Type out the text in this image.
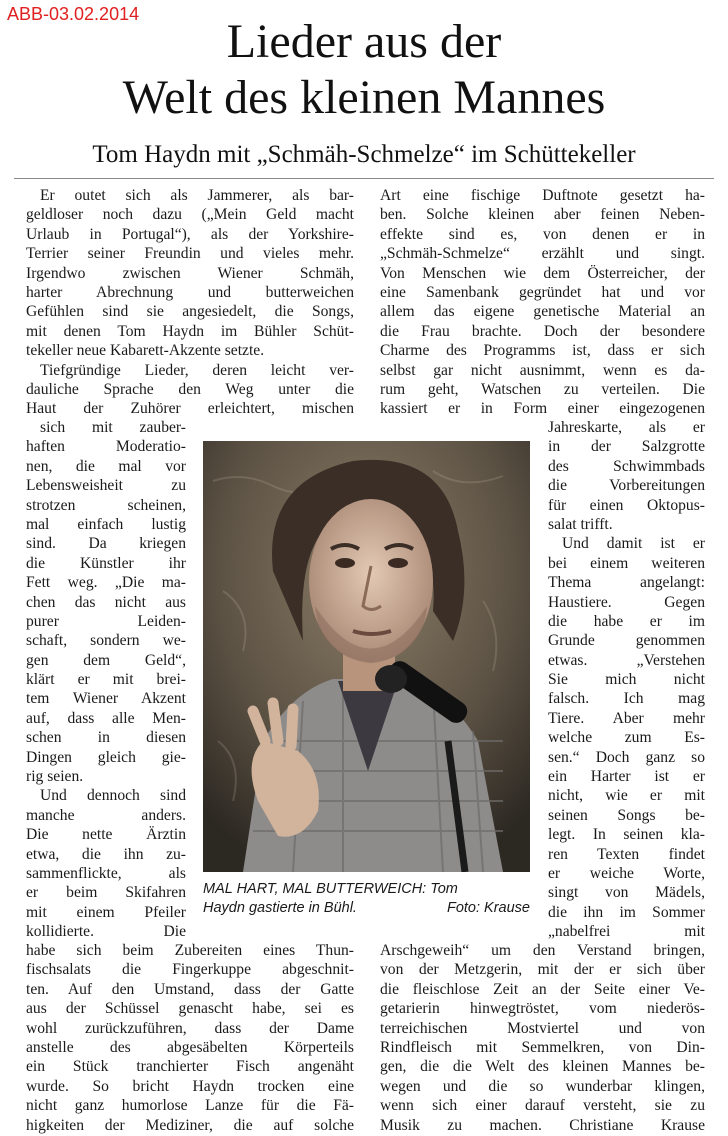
ABB-03.02.2014
Lieder aus der
Welt des kleinen Mannes
Tom Haydn mit „Schmäh-Schmelze“ im Schüttekeller
Er outet sich als Jammerer, als bar-
geldloser noch dazu („Mein Geld macht
Urlaub in Portugal“), als der Yorkshire-
Terrier seiner Freundin und vieles mehr.
Irgendwo zwischen Wiener Schmäh,
harter Abrechnung und butterweichen
Gefühlen sind sie angesiedelt, die Songs,
mit denen Tom Haydn im Bühler Schüt-
tekeller neue Kabarett-Akzente setzte.
Tiefgründige Lieder, deren leicht ver-
dauliche Sprache den Weg unter die
Haut der Zuhörer erleichtert, mischen
sich mit zauber-
haften Moderatio-
nen, die mal vor
Lebensweisheit zu
strotzen scheinen,
mal einfach lustig
sind. Da kriegen
die Künstler ihr
Fett weg. „Die ma-
chen das nicht aus
purer Leiden-
schaft, sondern we-
gen dem Geld“,
klärt er mit brei-
tem Wiener Akzent
auf, dass alle Men-
schen in diesen
Dingen gleich gie-
rig seien.
Und dennoch sind
manche anders.
Die nette Ärztin
etwa, die ihn zu-
sammenflickte, als
er beim Skifahren
mit einem Pfeiler
kollidierte. Die
habe sich beim Zubereiten eines Thun-
fischsalats die Fingerkuppe abgeschnit-
ten. Auf den Umstand, dass der Gatte
aus der Schüssel genascht habe, sei es
wohl zurückzuführen, dass der Dame
anstelle des abgesäbelten Körperteils
ein Stück tranchierter Fisch angenäht
wurde. So bricht Haydn trocken eine
nicht ganz humorlose Lanze für die Fä-
higkeiten der Mediziner, die auf solche
Art eine fischige Duftnote gesetzt ha-
ben. Solche kleinen aber feinen Neben-
effekte sind es, von denen er in
„Schmäh-Schmelze“ erzählt und singt.
Von Menschen wie dem Österreicher, der
eine Samenbank gegründet hat und vor
allem das eigene genetische Material an
die Frau brachte. Doch der besondere
Charme des Programms ist, dass er sich
selbst gar nicht ausnimmt, wenn es da-
rum geht, Watschen zu verteilen. Die
kassiert er in Form einer eingezogenen
Jahreskarte, als er
in der Salzgrotte
des Schwimmbads
die Vorbereitungen
für einen Oktopus-
salat trifft.
Und damit ist er
bei einem weiteren
Thema angelangt:
Haustiere. Gegen
die habe er im
Grunde genommen
etwas. „Verstehen
Sie mich nicht
falsch. Ich mag
Tiere. Aber mehr
welche zum Es-
sen.“ Doch ganz so
ein Harter ist er
nicht, wie er mit
seinen Songs be-
legt. In seinen kla-
ren Texten findet
er weiche Worte,
singt von Mädels,
die ihn im Sommer
„nabelfrei mit
Arschgeweih“ um den Verstand bringen,
von der Metzgerin, mit der er sich über
die fleischlose Zeit an der Seite einer Ve-
getarierin hinwegtröstet, vom niederös-
terreichischen Mostviertel und von
Rindfleisch mit Semmelkren, von Din-
gen, die die Welt des kleinen Mannes be-
wegen und die so wunderbar klingen,
wenn sich einer darauf versteht, sie zu
Musik zu machen. Christiane Krause
MAL HART, MAL BUTTERWEICH: Tom
Haydn gastierte in Bühl.	Foto: Krause
